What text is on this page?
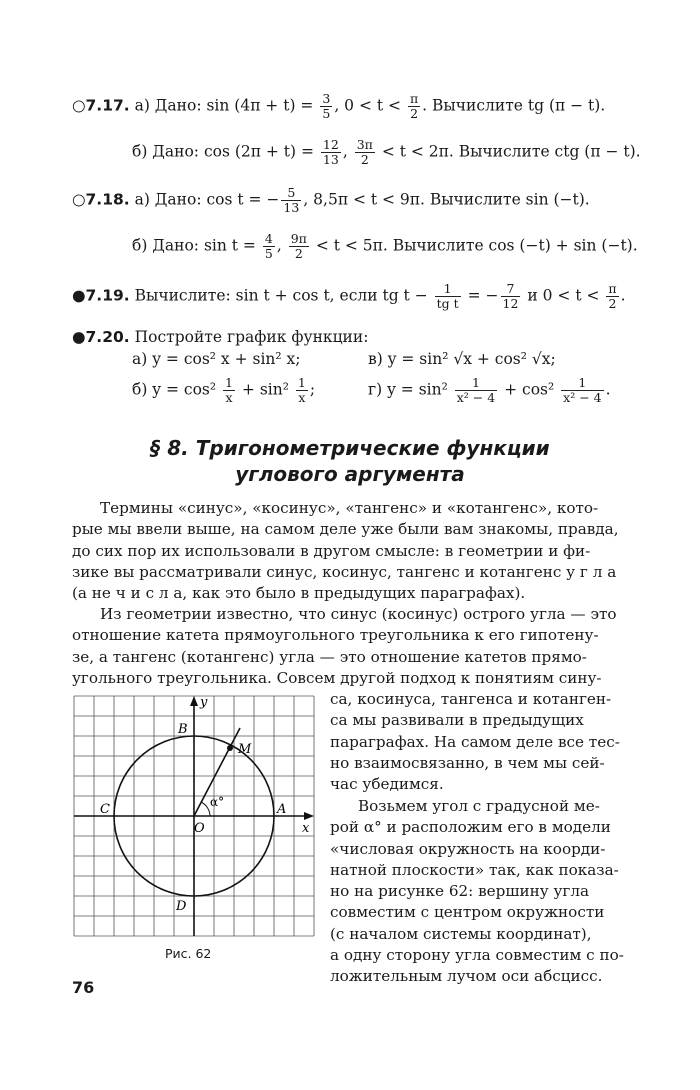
○7.17. а) Дано: $\sin (4\pi + t) = \frac{3}{5}$ , $0 < t < \frac{\pi}{2}$ . Вычислите tg (π − t).
б) Дано: $\cos (2\pi + t) = \frac{12}{13}$ , $\frac{3\pi}{2} < t < 2\pi$. Вычислите ctg (π − t).
○7.18. а) Дано: cos t = − $\frac{5}{13}$ , 8,5π < t < 9π. Вычислите sin (−t).
б) Дано: $\sin t = \frac{4}{5}$ , $\frac{9\pi}{2} < t < 5\pi$. Вычислите cos (−t) + sin (−t).
●7.19. Вычислите: sin t + cos t, если tg $t - \frac{1}{\text{tg t}}$ = − $\frac{7}{12}$ и $0 < t < \frac{\pi}{2}$ .
●7.20. Постройте график функции:
а) y = cos² x + sin² x;	в) y = sin² √x + cos² √x;
б) $y = \cos^2 \frac{1}{x} + \sin^2 \frac{1}{x}$ ;	г) $y = \sin^2 \frac{1}{\text{x² − 4}} + \cos^2 \frac{1}{\text{x² − 4}}$ .
§ 8. Тригонометрические функции
углового аргумента
Термины «синус», «косинус», «тангенс» и «котангенс», кото-
рые мы ввели выше, на самом деле уже были вам знакомы, правда,
до сих пор их использовали в другом смысле: в геометрии и фи-
зике вы рассматривали синус, косинус, тангенс и котангенс у г л а
(а не ч и с л а, как это было в предыдущих параграфах).
Из геометрии известно, что синус (косинус) острого угла — это
отношение катета прямоугольного треугольника к его гипотену-
зе, а тангенс (котангенс) угла — это отношение катетов прямо-
угольного треугольника. Совсем другой подход к понятиям сину-
са, косинуса, тангенса и котанген-
са мы развивали в предыдущих
параграфах. На самом деле все тес-
но взаимосвязанно, в чем мы сей-
час убедимся.
Возьмем угол с градусной ме-
рой α° и расположим его в модели
«числовая окружность на коорди-
натной плоскости» так, как показа-
но на рисунке 62: вершину угла
совместим с центром окружности
(с началом системы координат),
а одну сторону угла совместим с по-
ложительным лучом оси абсцисс.
y
x
O
A
B
C
D
M
α°
Рис. 62
76
